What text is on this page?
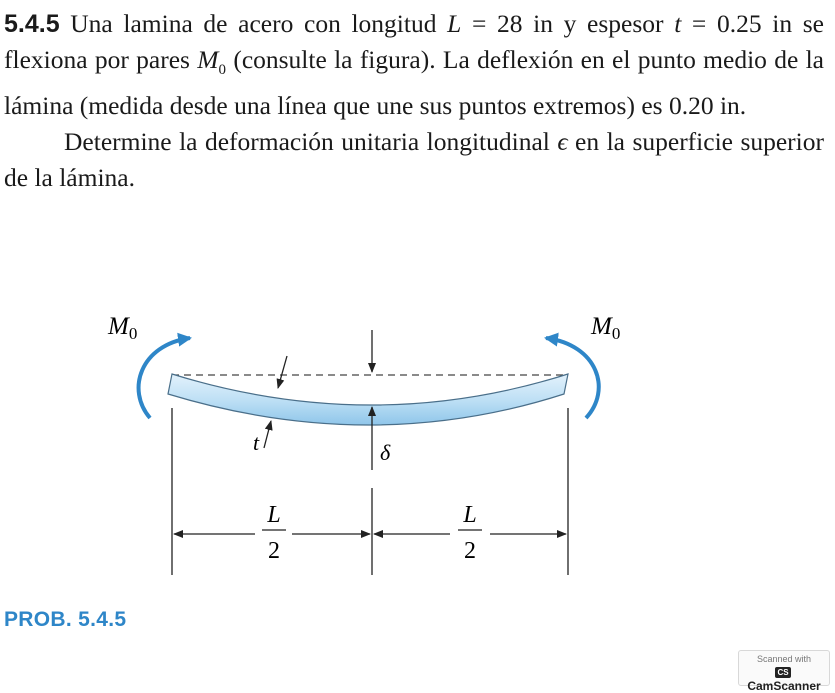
5.4.5 Una lamina de acero con longitud L = 28 in y espesor t = 0.25 in se flexiona por pares $M_0$ (consulte la figura). La deflexión en el punto medio de la lámina (medida desde una línea que une sus puntos extremos) es 0.20 in.

Determine la deformación unitaria longitudinal ϵ en la superficie superior de la lámina.

$M_0$	$M_0$
t	δ
L
2
L
2
PROB. 5.4.5
Scanned with
CSCamScanner
